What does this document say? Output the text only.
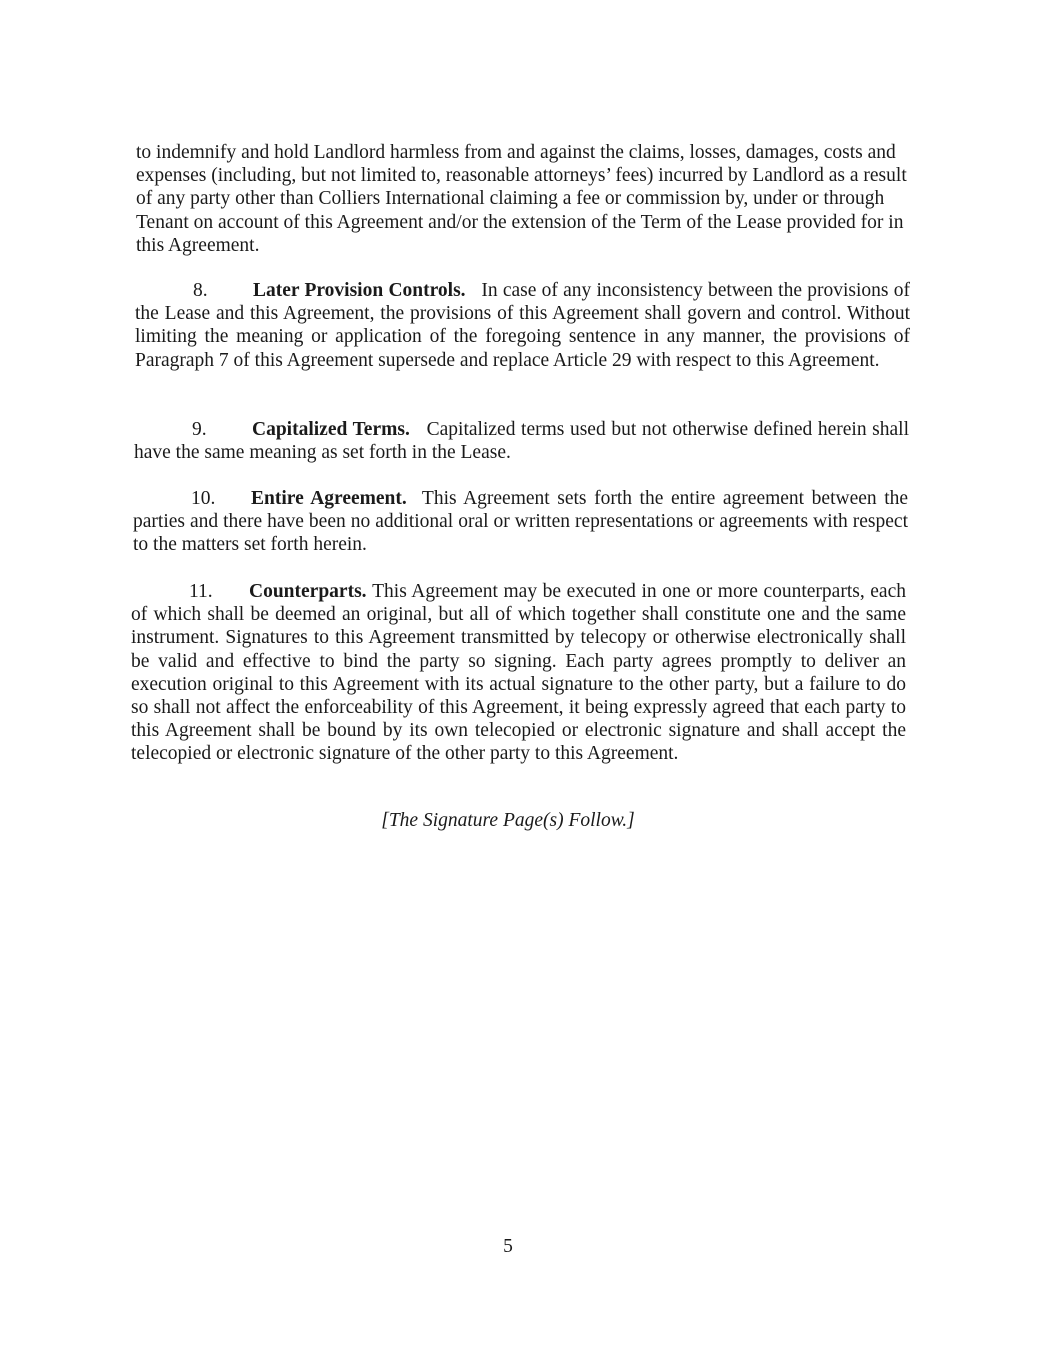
to indemnify and hold Landlord harmless from and against the claims, losses, damages, costs and expenses (including, but not limited to, reasonable attorneys’ fees) incurred by Landlord as a result of any party other than Colliers International claiming a fee or commission by, under or through Tenant on account of this Agreement and/or the extension of the Term of the Lease provided for in this Agreement.

8. Later Provision Controls. In case of any inconsistency between the provisions of the Lease and this Agreement, the provisions of this Agreement shall govern and control. Without limiting the meaning or application of the foregoing sentence in any manner, the provisions of Paragraph 7 of this Agreement supersede and replace Article 29 with respect to this Agreement.

9. Capitalized Terms. Capitalized terms used but not otherwise defined herein shall have the same meaning as set forth in the Lease.

10. Entire Agreement. This Agreement sets forth the entire agreement between the parties and there have been no additional oral or written representations or agreements with respect to the matters set forth herein.

11. Counterparts. This Agreement may be executed in one or more counterparts, each of which shall be deemed an original, but all of which together shall constitute one and the same instrument. Signatures to this Agreement transmitted by telecopy or otherwise electronically shall be valid and effective to bind the party so signing. Each party agrees promptly to deliver an execution original to this Agreement with its actual signature to the other party, but a failure to do so shall not affect the enforceability of this Agreement, it being expressly agreed that each party to this Agreement shall be bound by its own telecopied or electronic signature and shall accept the telecopied or electronic signature of the other party to this Agreement.

[The Signature Page(s) Follow.]
5
